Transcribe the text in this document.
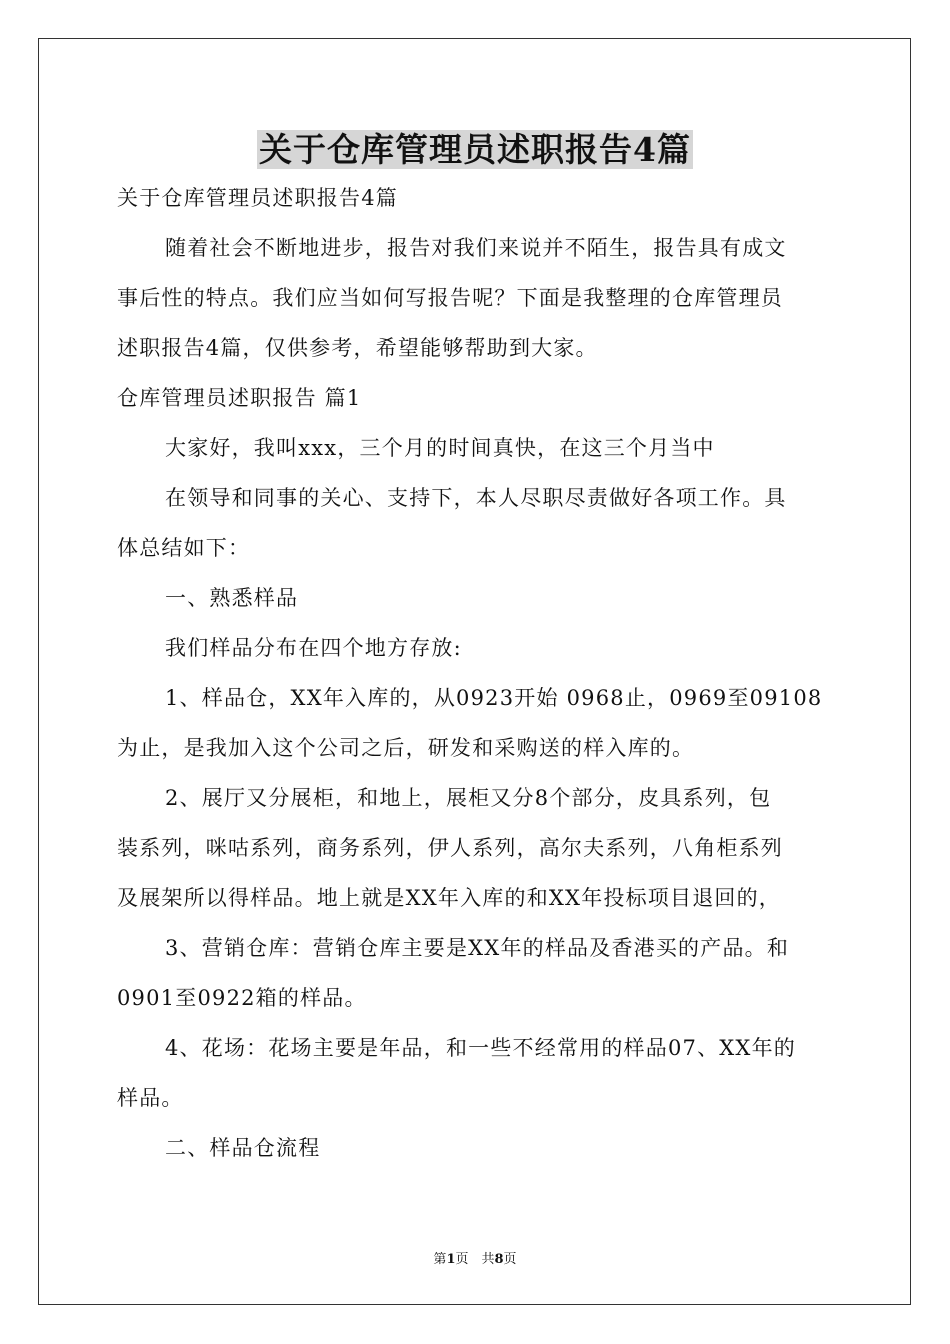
关于仓库管理员述职报告4篇
关于仓库管理员述职报告4篇
随着社会不断地进步，报告对我们来说并不陌生，报告具有成文
事后性的特点。我们应当如何写报告呢？下面是我整理的仓库管理员
述职报告4篇，仅供参考，希望能够帮助到大家。
仓库管理员述职报告 篇1
大家好，我叫xxx，三个月的时间真快，在这三个月当中
在领导和同事的关心、支持下，本人尽职尽责做好各项工作。具
体总结如下：
一、熟悉样品
我们样品分布在四个地方存放:
1、样品仓，XX年入库的，从0923开始 0968止，0969至09108
为止，是我加入这个公司之后，研发和采购送的样入库的。
2、展厅又分展柜，和地上，展柜又分8个部分，皮具系列，包
装系列，咪咕系列，商务系列，伊人系列，高尔夫系列，八角柜系列
及展架所以得样品。地上就是XX年入库的和XX年投标项目退回的，
3、营销仓库：营销仓库主要是XX年的样品及香港买的产品。和
0901至0922箱的样品。
4、花场：花场主要是年品，和一些不经常用的样品07、XX年的
样品。
二、样品仓流程
第1页　共8页
